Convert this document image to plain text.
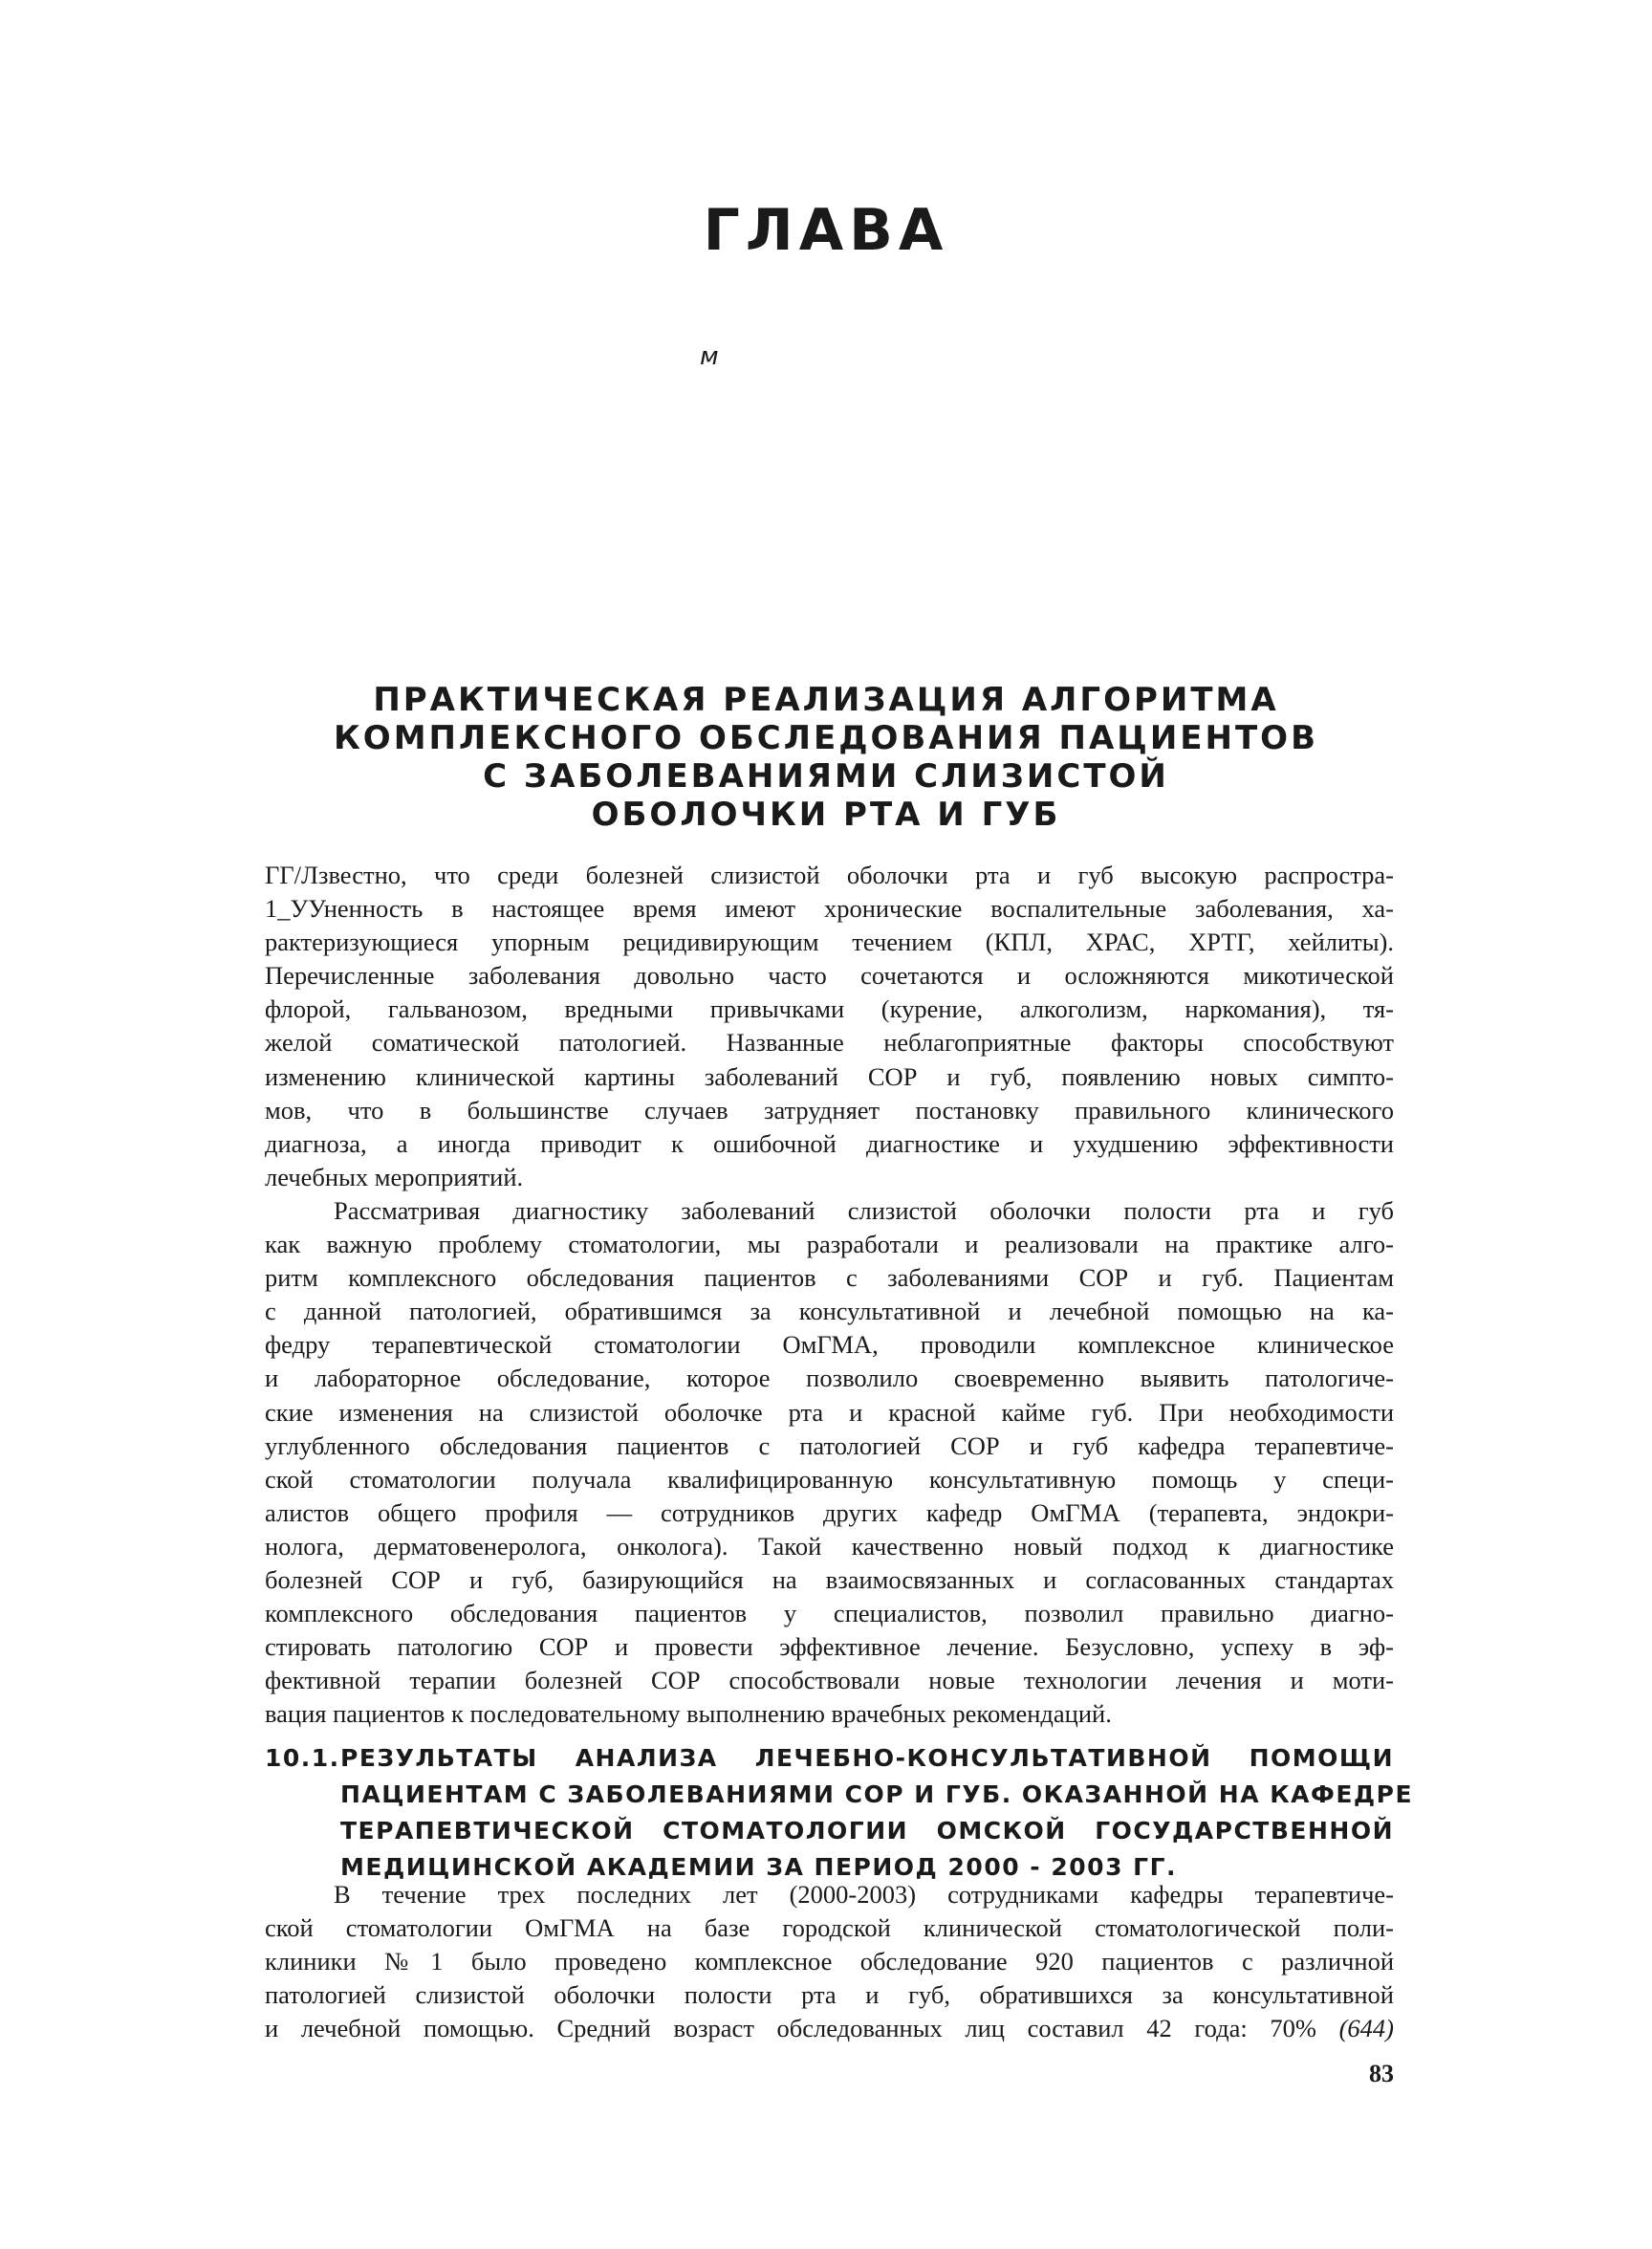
ГЛАВА
м
ПРАКТИЧЕСКАЯ РЕАЛИЗАЦИЯ АЛГОРИТМА
КОМПЛЕКСНОГО ОБСЛЕДОВАНИЯ ПАЦИЕНТОВ
С ЗАБОЛЕВАНИЯМИ СЛИЗИСТОЙ
ОБОЛОЧКИ РТА И ГУБ

ГГ/Лзвестно, что среди болезней слизистой оболочки рта и губ высокую распростра-
1_УУненность в настоящее время имеют хронические воспалительные заболевания, ха-
рактеризующиеся упорным рецидивирующим течением (КПЛ, ХРАС, ХРТГ, хейлиты).
Перечисленные заболевания довольно часто сочетаются и осложняются микотической
флорой, гальванозом, вредными привычками (курение, алкоголизм, наркомания), тя-
желой соматической патологией. Названные неблагоприятные факторы способствуют
изменению клинической картины заболеваний СОР и губ, появлению новых симпто-
мов, что в большинстве случаев затрудняет постановку правильного клинического
диагноза, а иногда приводит к ошибочной диагностике и ухудшению эффективности
лечебных мероприятий.

Рассматривая диагностику заболеваний слизистой оболочки полости рта и губ
как важную проблему стоматологии, мы разработали и реализовали на практике алго-
ритм комплексного обследования пациентов с заболеваниями СОР и губ. Пациентам
с данной патологией, обратившимся за консультативной и лечебной помощью на ка-
федру терапевтической стоматологии ОмГМА, проводили комплексное клиническое
и лабораторное обследование, которое позволило своевременно выявить патологиче-
ские изменения на слизистой оболочке рта и красной кайме губ. При необходимости
углубленного обследования пациентов с патологией СОР и губ кафедра терапевтиче-
ской стоматологии получала квалифицированную консультативную помощь у специ-
алистов общего профиля — сотрудников других кафедр ОмГМА (терапевта, эндокри-
нолога, дерматовенеролога, онколога). Такой качественно новый подход к диагностике
болезней СОР и губ, базирующийся на взаимосвязанных и согласованных стандартах
комплексного обследования пациентов у специалистов, позволил правильно диагно-
стировать патологию СОР и провести эффективное лечение. Безусловно, успеху в эф-
фективной терапии болезней СОР способствовали новые технологии лечения и моти-
вация пациентов к последовательному выполнению врачебных рекомендаций.

10.1. РЕЗУЛЬТАТЫ АНАЛИЗА ЛЕЧЕБНО-КОНСУЛЬТАТИВНОЙ ПОМОЩИ
ПАЦИЕНТАМ С ЗАБОЛЕВАНИЯМИ СОР И ГУБ. ОКАЗАННОЙ НА КАФЕДРЕ
ТЕРАПЕВТИЧЕСКОЙ СТОМАТОЛОГИИ ОМСКОЙ ГОСУДАРСТВЕННОЙ
МЕДИЦИНСКОЙ АКАДЕМИИ ЗА ПЕРИОД 2000 - 2003 ГГ.
В течение трех последних лет (2000-2003) сотрудниками кафедры терапевтиче-
ской стоматологии ОмГМА на базе городской клинической стоматологической поли-
клиники №1 было проведено комплексное обследование 920 пациентов с различной
патологией слизистой оболочки полости рта и губ, обратившихся за консультативной
и лечебной помощью. Средний возраст обследованных лиц составил 42 года: 70% (644)
83
